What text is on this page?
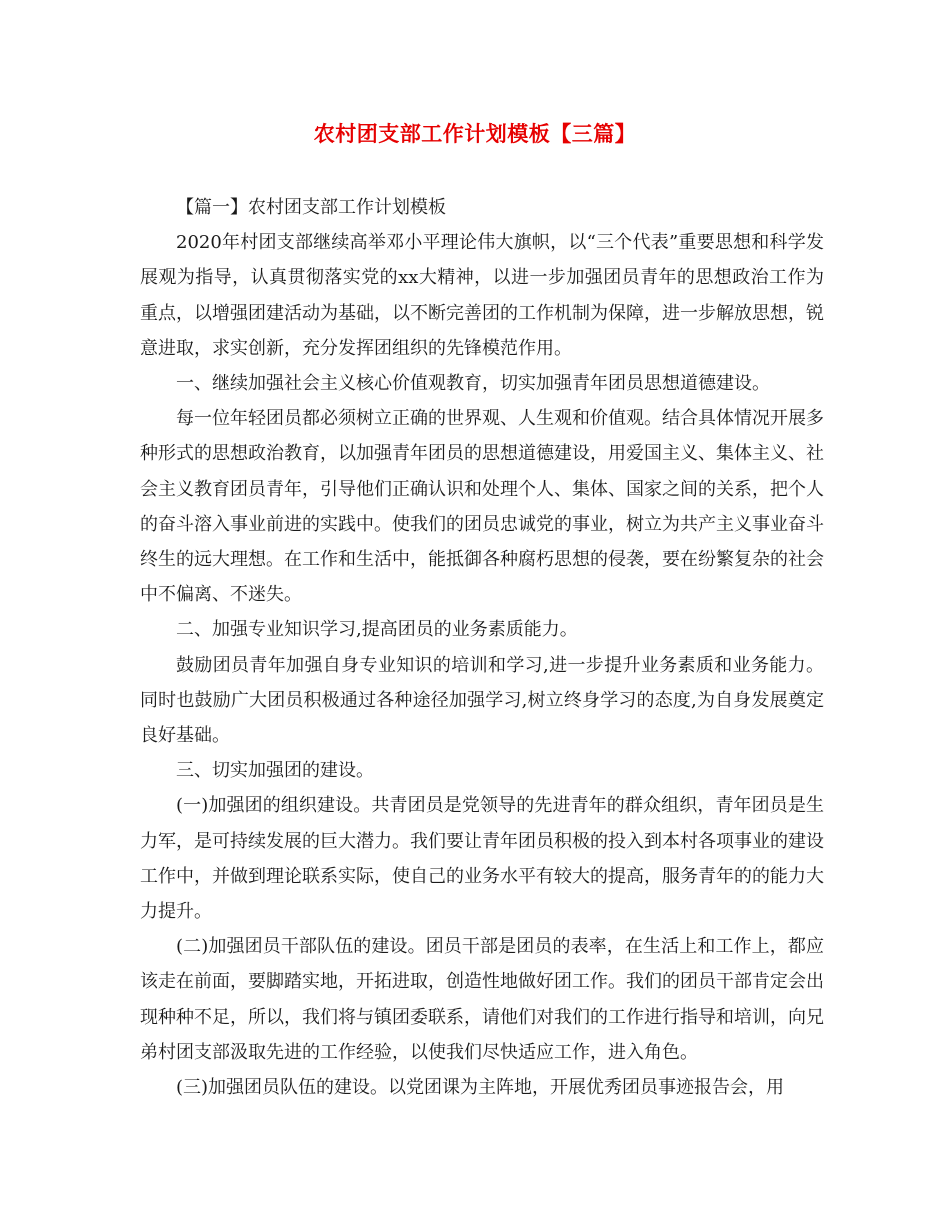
农村团支部工作计划模板【三篇】

【篇一】农村团支部工作计划模板

2020年村团支部继续高举邓小平理论伟大旗帜，以“三个代表”重要思想和科学发展观为指导，认真贯彻落实党的xx大精神，以进一步加强团员青年的思想政治工作为重点，以增强团建活动为基础，以不断完善团的工作机制为保障，进一步解放思想，锐意进取，求实创新，充分发挥团组织的先锋模范作用。

一、继续加强社会主义核心价值观教育，切实加强青年团员思想道德建设。

每一位年轻团员都必须树立正确的世界观、人生观和价值观。结合具体情况开展多种形式的思想政治教育，以加强青年团员的思想道德建设，用爱国主义、集体主义、社会主义教育团员青年，引导他们正确认识和处理个人、集体、国家之间的关系，把个人的奋斗溶入事业前进的实践中。使我们的团员忠诚党的事业，树立为共产主义事业奋斗终生的远大理想。在工作和生活中，能抵御各种腐朽思想的侵袭，要在纷繁复杂的社会中不偏离、不迷失。

二、加强专业知识学习,提高团员的业务素质能力。

鼓励团员青年加强自身专业知识的培训和学习,进一步提升业务素质和业务能力。同时也鼓励广大团员积极通过各种途径加强学习,树立终身学习的态度,为自身发展奠定良好基础。

三、切实加强团的建设。

(一)加强团的组织建设。共青团员是党领导的先进青年的群众组织，青年团员是生力军，是可持续发展的巨大潜力。我们要让青年团员积极的投入到本村各项事业的建设工作中，并做到理论联系实际，使自己的业务水平有较大的提高，服务青年的的能力大力提升。

(二)加强团员干部队伍的建设。团员干部是团员的表率，在生活上和工作上，都应该走在前面，要脚踏实地，开拓进取，创造性地做好团工作。我们的团员干部肯定会出现种种不足，所以，我们将与镇团委联系，请他们对我们的工作进行指导和培训，向兄弟村团支部汲取先进的工作经验，以使我们尽快适应工作，进入角色。

(三)加强团员队伍的建设。以党团课为主阵地，开展优秀团员事迹报告会，用
